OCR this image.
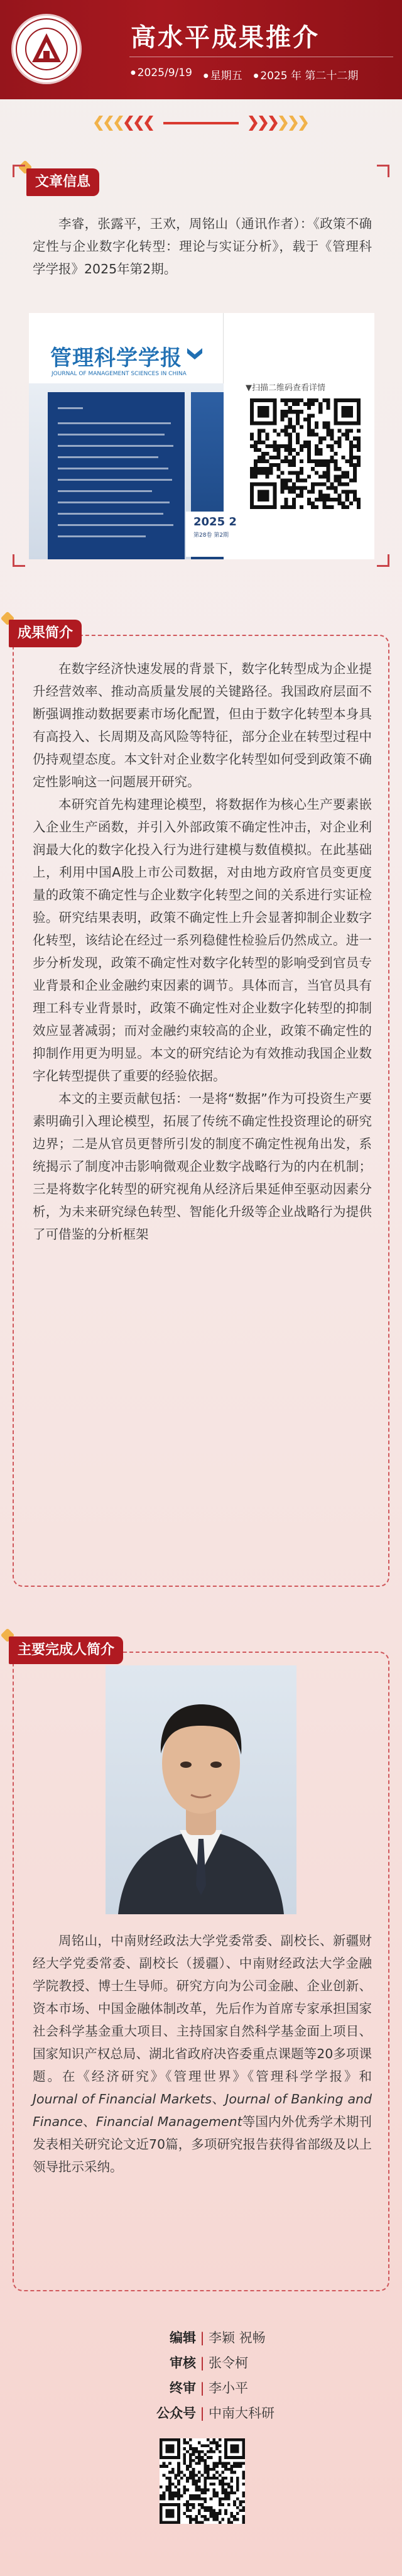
高水平成果推介
● 2025/9/19	● 星期五	● 2025 年 第二十二期
文章信息

李睿，张露平，王欢，周铭山（通讯作者）：《政策不确定性与企业数字化转型：理论与实证分析》，载于《管理科学学报》2025年第2期。

管理科学学报
JOURNAL OF MANAGEMENT SCIENCES IN CHINA
2025 2
第28卷 第2期
▼扫描二维码查看详情
成果简介

在数字经济快速发展的背景下，数字化转型成为企业提升经营效率、推动高质量发展的关键路径。我国政府层面不断强调推动数据要素市场化配置，但由于数字化转型本身具有高投入、长周期及高风险等特征，部分企业在转型过程中仍持观望态度。本文针对企业数字化转型如何受到政策不确定性影响这一问题展开研究。

本研究首先构建理论模型，将数据作为核心生产要素嵌入企业生产函数，并引入外部政策不确定性冲击，对企业利润最大化的数字化投入行为进行建模与数值模拟。在此基础上，利用中国A股上市公司数据，对由地方政府官员变更度量的政策不确定性与企业数字化转型之间的关系进行实证检验。研究结果表明，政策不确定性上升会显著抑制企业数字化转型，该结论在经过一系列稳健性检验后仍然成立。进一步分析发现，政策不确定性对数字化转型的影响受到官员专业背景和企业金融约束因素的调节。具体而言，当官员具有理工科专业背景时，政策不确定性对企业数字化转型的抑制效应显著减弱；而对金融约束较高的企业，政策不确定性的抑制作用更为明显。本文的研究结论为有效推动我国企业数字化转型提供了重要的经验依据。

本文的主要贡献包括：一是将“数据”作为可投资生产要素明确引入理论模型，拓展了传统不确定性投资理论的研究边界；二是从官员更替所引发的制度不确定性视角出发，系统揭示了制度冲击影响微观企业数字战略行为的内在机制；三是将数字化转型的研究视角从经济后果延伸至驱动因素分析，为未来研究绿色转型、智能化升级等企业战略行为提供了可借鉴的分析框架

主要完成人简介

周铭山，中南财经政法大学党委常委、副校长、新疆财经大学党委常委、副校长（援疆）、中南财经政法大学金融学院教授、博士生导师。研究方向为公司金融、企业创新、资本市场、中国金融体制改革，先后作为首席专家承担国家社会科学基金重大项目、主持国家自然科学基金面上项目、国家知识产权总局、湖北省政府决咨委重点课题等20多项课题。在《经济研究》《管理世界》《管理科学学报》和Journal of Financial Markets、Journal of Banking and Finance、Financial Management等国内外优秀学术期刊发表相关研究论文近70篇，多项研究报告获得省部级及以上领导批示采纳。

编辑 | 李颖 祝畅
审核 | 张令柯
终审 | 李小平
公众号 | 中南大科研
